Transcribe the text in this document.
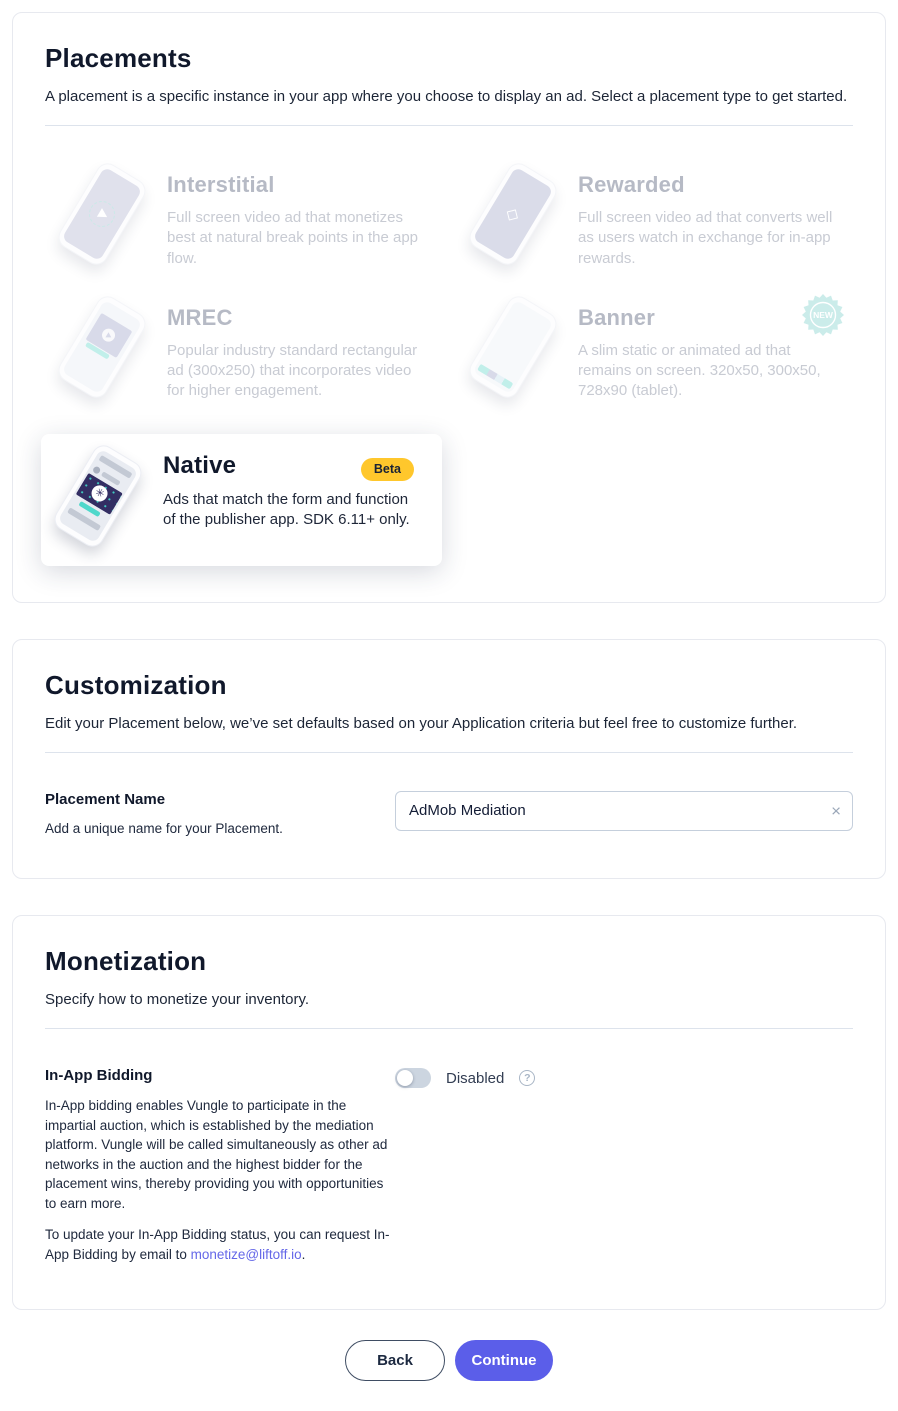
Placements

A placement is a specific instance in your app where you choose to display an ad. Select a placement type to get started.

Interstitial
Full screen video ad that monetizes best at natural break points in the app flow.
◇
Rewarded
Full screen video ad that converts well as users watch in exchange for in-app rewards.
MREC
Popular industry standard rectangular ad (300x250) that incorporates video for higher engagement.
Banner
A slim static or animated ad that remains on screen. 320x50, 300x50, 728x90 (tablet).
NEW
✳
Native	Beta
Ads that match the form and function of the publisher app. SDK 6.11+ only.
Customization

Edit your Placement below, we’ve set defaults based on your Application criteria but feel free to customize further.

Placement Name

Add a unique name for your Placement.

AdMob Mediation
×
Monetization

Specify how to monetize your inventory.

In-App Bidding

In-App bidding enables Vungle to participate in the impartial auction, which is established by the mediation platform. Vungle will be called simultaneously as other ad networks in the auction and the highest bidder for the placement wins, thereby providing you with opportunities to earn more.

To update your In-App Bidding status, you can request In-App Bidding by email to monetize@liftoff.io.

Disabled	?
Back	Continue
